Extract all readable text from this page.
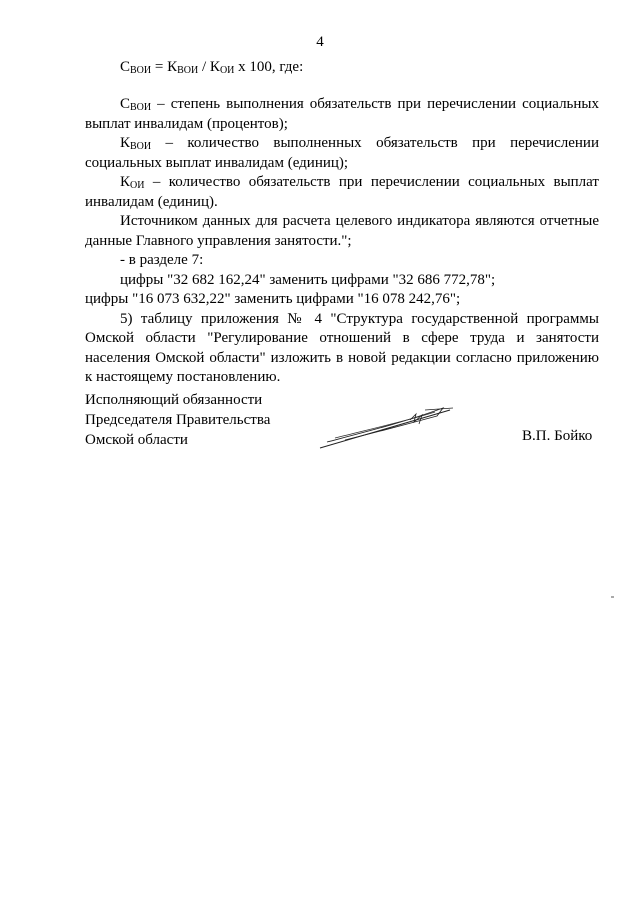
4
$С_{ВОИ} = К_{ВОИ} / К_{ОИ}$ x 100, где:

$С_{ВОИ}$ – степень выполнения обязательств при перечислении социальных выплат инвалидам (процентов);

$К_{ВОИ}$ – количество выполненных обязательств при перечислении социальных выплат инвалидам (единиц);

$К_{ОИ}$ – количество обязательств при перечислении социальных выплат инвалидам (единиц).

Источником данных для расчета целевого индикатора являются отчетные данные Главного управления занятости.";

- в разделе 7:

цифры "32 682 162,24" заменить цифрами "32 686 772,78";

цифры "16 073 632,22" заменить цифрами "16 078 242,76";

5) таблицу приложения № 4 "Структура государственной программы Омской области "Регулирование отношений в сфере труда и занятости населения Омской области" изложить в новой редакции согласно приложению к настоящему постановлению.

Исполняющий обязанности
Председателя Правительства
Омской области	В.П. Бойко
